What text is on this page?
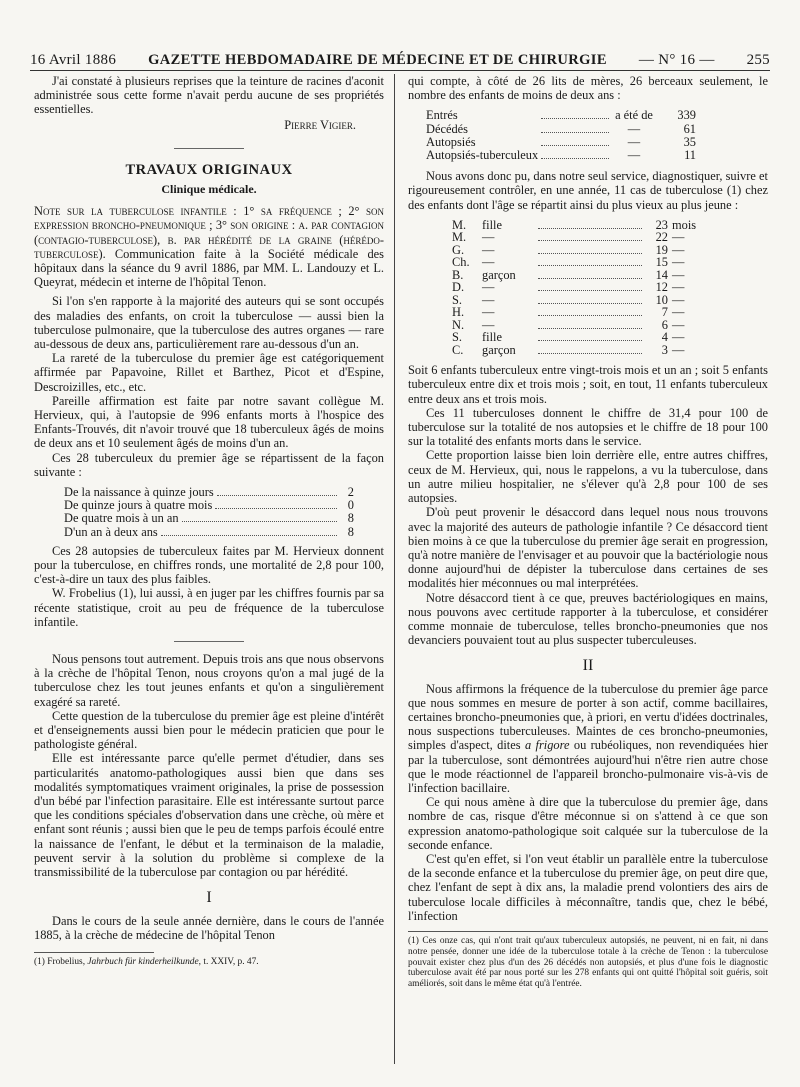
16 Avril 1886 GAZETTE HEBDOMADAIRE DE MÉDECINE ET DE CHIRURGIE — N° 16 — 255

J'ai constaté à plusieurs reprises que la teinture de racines d'aconit administrée sous cette forme n'avait perdu aucune de ses propriétés essentielles.

Pierre Vigier.
TRAVAUX ORIGINAUX
Clinique médicale.

Note sur la tuberculose infantile : 1° sa fréquence ; 2° son expression broncho-pneumonique ; 3° son origine : a. par contagion (contagio-tuberculose), b. par hérédité de la graine (hérédo-tuberculose). Communication faite à la Société médicale des hôpitaux dans la séance du 9 avril 1886, par MM. L. Landouzy et L. Queyrat, médecin et interne de l'hôpital Tenon.

Si l'on s'en rapporte à la majorité des auteurs qui se sont occupés des maladies des enfants, on croit la tuberculose — aussi bien la tuberculose pulmonaire, que la tuberculose des autres organes — rare au-dessous de deux ans, particulièrement rare au-dessous d'un an.

La rareté de la tuberculose du premier âge est catégoriquement affirmée par Papavoine, Rillet et Barthez, Picot et d'Espine, Descroizilles, etc., etc.

Pareille affirmation est faite par notre savant collègue M. Hervieux, qui, à l'autopsie de 996 enfants morts à l'hospice des Enfants-Trouvés, dit n'avoir trouvé que 18 tuberculeux âgés de moins de deux ans et 10 seulement âgés de moins d'un an.

Ces 28 tuberculeux du premier âge se répartissent de la façon suivante :

De la naissance à quinze jours	2
De quinze jours à quatre mois	0
De quatre mois à un an	8
D'un an à deux ans	8

Ces 28 autopsies de tuberculeux faites par M. Hervieux donnent pour la tuberculose, en chiffres ronds, une mortalité de 2,8 pour 100, c'est-à-dire un taux des plus faibles.

W. Frobelius (1), lui aussi, à en juger par les chiffres fournis par sa récente statistique, croit au peu de fréquence de la tuberculose infantile.

Nous pensons tout autrement. Depuis trois ans que nous observons à la crèche de l'hôpital Tenon, nous croyons qu'on a mal jugé de la tuberculose chez les tout jeunes enfants et qu'on a singulièrement exagéré sa rareté.

Cette question de la tuberculose du premier âge est pleine d'intérêt et d'enseignements aussi bien pour le médecin praticien que pour le pathologiste général.

Elle est intéressante parce qu'elle permet d'étudier, dans ses particularités anatomo-pathologiques aussi bien que dans ses modalités symptomatiques vraiment originales, la prise de possession d'un bébé par l'infection parasitaire. Elle est intéressante surtout parce que les conditions spéciales d'observation dans une crèche, où mère et enfant sont réunis ; aussi bien que le peu de temps parfois écoulé entre la naissance de l'enfant, le début et la terminaison de la maladie, peuvent servir à la solution du problème si complexe de la transmissibilité de la tuberculose par contagion ou par hérédité.

I

Dans le cours de la seule année dernière, dans le cours de l'année 1885, à la crèche de médecine de l'hôpital Tenon

(1) Frobelius, Jahrbuch für kinderheilkunde, t. XXIV, p. 47.

qui compte, à côté de 26 lits de mères, 26 berceaux seulement, le nombre des enfants de moins de deux ans :

Entrés	a été de	339
Décédés	—	61
Autopsiés	—	35
Autopsiés-tuberculeux	—	11

Nous avons donc pu, dans notre seul service, diagnostiquer, suivre et rigoureusement contrôler, en une année, 11 cas de tuberculose (1) chez des enfants dont l'âge se répartit ainsi du plus vieux au plus jeune :

M.	fille	23 mois
M.	—	22 —
G.	—	19 —
Ch.	—	15 —
B.	garçon	14 —
D.	—	12 —
S.	—	10 —
H.	—	7 —
N.	—	6 —
S.	fille	4 —
C.	garçon	3 —

Soit 6 enfants tuberculeux entre vingt-trois mois et un an ; soit 5 enfants tuberculeux entre dix et trois mois ; soit, en tout, 11 enfants tuberculeux entre deux ans et trois mois.

Ces 11 tuberculoses donnent le chiffre de 31,4 pour 100 de tuberculose sur la totalité de nos autopsies et le chiffre de 18 pour 100 sur la totalité des enfants morts dans le service.

Cette proportion laisse bien loin derrière elle, entre autres chiffres, ceux de M. Hervieux, qui, nous le rappelons, a vu la tuberculose, dans un autre milieu hospitalier, ne s'élever qu'à 2,8 pour 100 de ses autopsies.

D'où peut provenir le désaccord dans lequel nous nous trouvons avec la majorité des auteurs de pathologie infantile ? Ce désaccord tient bien moins à ce que la tuberculose du premier âge serait en progression, qu'à notre manière de l'envisager et au pouvoir que la bactériologie nous donne aujourd'hui de dépister la tuberculose dans certaines de ses modalités hier méconnues ou mal interprétées.

Notre désaccord tient à ce que, preuves bactériologiques en mains, nous pouvons avec certitude rapporter à la tuberculose, et considérer comme monnaie de tuberculose, telles broncho-pneumonies que nos devanciers pouvaient tout au plus suspecter tuberculeuses.

II

Nous affirmons la fréquence de la tuberculose du premier âge parce que nous sommes en mesure de porter à son actif, comme bacillaires, certaines broncho-pneumonies que, à priori, en vertu d'idées doctrinales, nous suspections tuberculeuses. Maintes de ces broncho-pneumonies, simples d'aspect, dites a frigore ou rubéoliques, non revendiquées hier par la tuberculose, sont démontrées aujourd'hui n'être rien autre chose que le mode réactionnel de l'appareil broncho-pulmonaire vis-à-vis de l'infection bacillaire.

Ce qui nous amène à dire que la tuberculose du premier âge, dans nombre de cas, risque d'être méconnue si on s'attend à ce que son expression anatomo-pathologique soit calquée sur la tuberculose de la seconde enfance.

C'est qu'en effet, si l'on veut établir un parallèle entre la tuberculose de la seconde enfance et la tuberculose du premier âge, on peut dire que, chez l'enfant de sept à dix ans, la maladie prend volontiers des airs de tuberculose locale difficiles à méconnaître, tandis que, chez le bébé, l'infection

(1) Ces onze cas, qui n'ont trait qu'aux tuberculeux autopsiés, ne peuvent, ni en fait, ni dans notre pensée, donner une idée de la tuberculose totale à la crèche de Tenon : la tuberculose pouvait exister chez plus d'un des 26 décédés non autopsiés, et plus d'une fois le diagnostic tuberculose avait été par nous porté sur les 278 enfants qui ont quitté l'hôpital soit guéris, soit améliorés, soit dans le même état qu'à l'entrée.
